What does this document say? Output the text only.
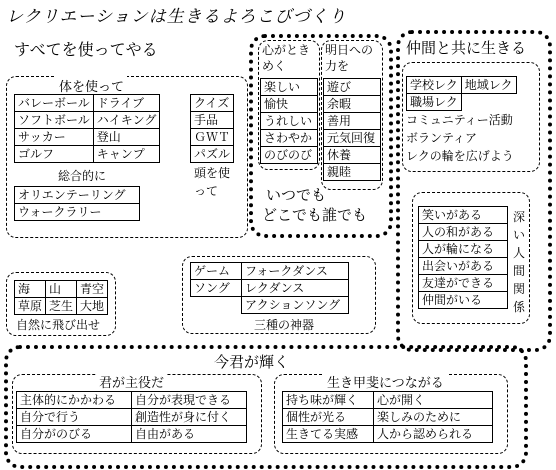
レクリエーションは生きるよろこびづくり
すべてを使ってやる
体を使って
バレーボール	ドライブ
ソフトボール	ハイキング
サッカー	登山
ゴルフ	キャンプ
クイズ
手品
ＧＷＴ
パズル
頭を使って
総合的に
オリエンテーリング
ウォークラリー
海	山	青空
草原	芝生	大地
自然に飛び出せ
ゲーム	フォークダンス
ソング	レクダンス
	アクションソング
三種の神器
心がときめく
楽しい
愉快
うれしい
さわやか
のびのび
明日への力を
遊び
余暇
善用
元気回復
休養
親睦
いつでも
どこでも誰でも
仲間と共に生きる
学校レク	地域レク
職場レク	
コミュニティー活動
ボランティア
レクの輪を広げよう
笑いがある
人の和がある
人が輪になる
出会いがある
友達ができる
仲間がいる
深い人間関係
今君が輝く
君が主役だ
主体的にかかわる	自分が表現できる
自分で行う	創造性が身に付く
自分がのびる	自由がある
生き甲斐につながる
持ち味が輝く	心が開く
個性が光る	楽しみのために
生きてる実感	人から認められる
